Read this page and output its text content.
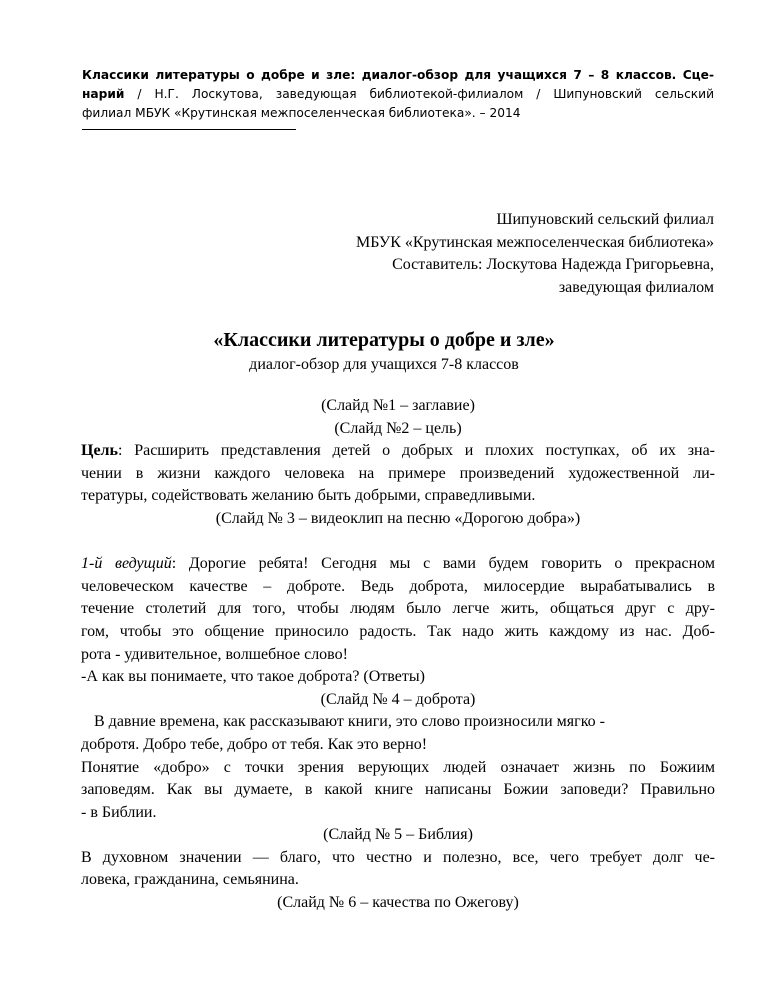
Классики литературы о добре и зле: диалог-обзор для учащихся 7 – 8 классов. Сце-
нарий / Н.Г. Лоскутова, заведующая библиотекой-филиалом / Шипуновский сельский
филиал МБУК «Крутинская межпоселенческая библиотека». – 2014
Шипуновский сельский филиал
МБУК «Крутинская межпоселенческая библиотека»
Составитель: Лоскутова Надежда Григорьевна,
заведующая филиалом
«Классики литературы о добре и зле»
диалог-обзор для учащихся 7-8 классов
(Слайд №1 – заглавие)
(Слайд №2 – цель)
Цель: Расширить представления детей о добрых и плохих поступках, об их зна-
чении в жизни каждого человека на примере произведений художественной ли-
тературы, содействовать желанию быть добрыми, справедливыми.
(Слайд № 3 – видеоклип на песню «Дорогою добра»)
1-й ведущий: Дорогие ребята! Сегодня мы с вами будем говорить о прекрасном
человеческом качестве – доброте. Ведь доброта, милосердие вырабатывались в
течение столетий для того, чтобы людям было легче жить, общаться друг с дру-
гом, чтобы это общение приносило радость. Так надо жить каждому из нас. Доб-
рота - удивительное, волшебное слово!
-А как вы понимаете, что такое доброта? (Ответы)
(Слайд № 4 – доброта)
В давние времена, как рассказывают книги, это слово произносили мягко -
добротя. Добро тебе, добро от тебя. Как это верно!
Понятие «добро» с точки зрения верующих людей означает жизнь по Божиим
заповедям. Как вы думаете, в какой книге написаны Божии заповеди? Правильно
- в Библии.
(Слайд № 5 – Библия)
В духовном значении — благо, что честно и полезно, все, чего требует долг че-
ловека, гражданина, семьянина.
(Слайд № 6 – качества по Ожегову)
